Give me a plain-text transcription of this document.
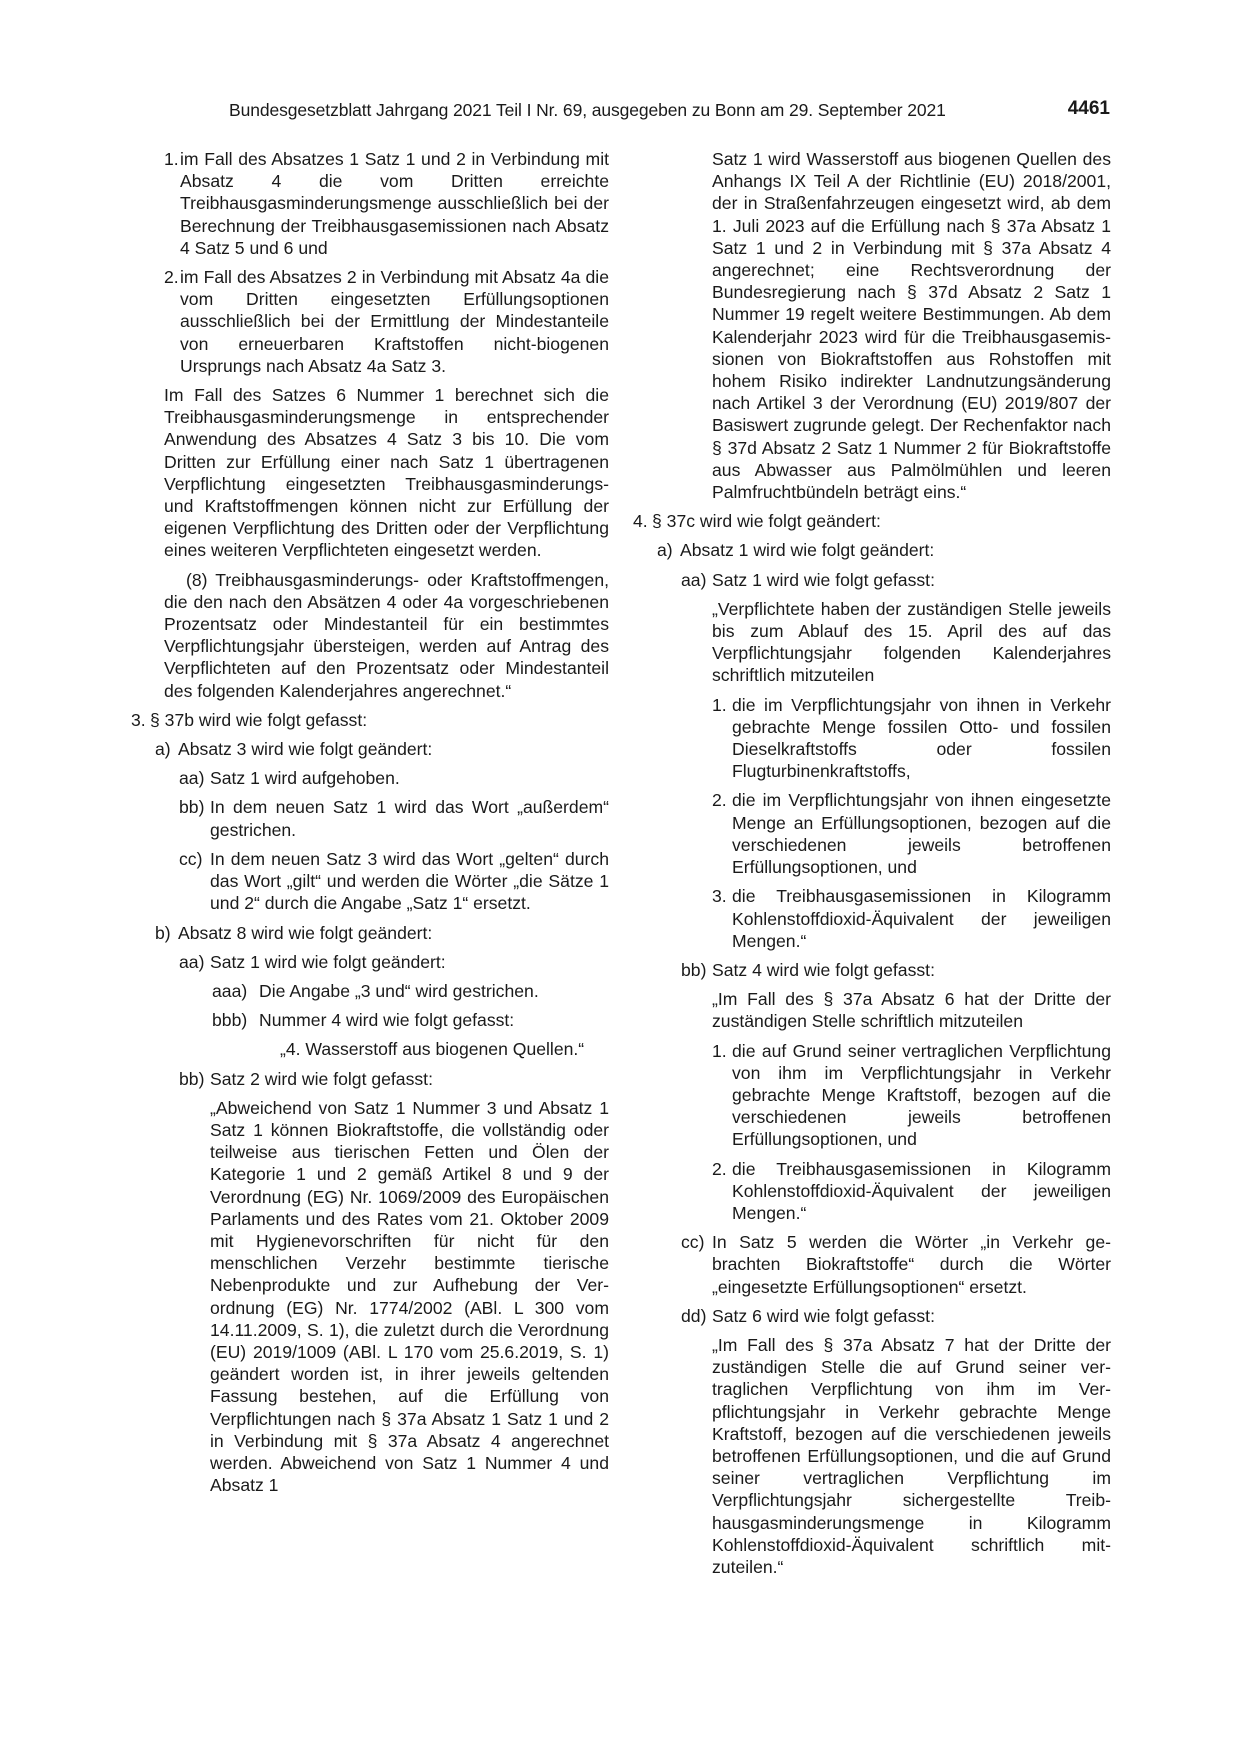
Bundesgesetzblatt Jahrgang 2021 Teil I Nr. 69, ausgegeben zu Bonn am 29. September 2021	4461
1. im Fall des Absatzes 1 Satz 1 und 2 in Verbindung mit Absatz 4 die vom Dritten erreichte Treibhausgasminderungsmenge ausschließlich bei der Berechnung der Treibhausgasemissionen nach Absatz 4 Satz 5 und 6 und
2. im Fall des Absatzes 2 in Verbindung mit Absatz 4a die vom Dritten eingesetzten Erfüllungsoptionen ausschließlich bei der Ermittlung der Mindestanteile von erneuerbaren Kraftstoffen nicht-biogenen Ursprungs nach Absatz 4a Satz 3.
Im Fall des Satzes 6 Nummer 1 berechnet sich die Treibhausgasminderungsmenge in entsprechender Anwendung des Absatzes 4 Satz 3 bis 10. Die vom Dritten zur Erfüllung einer nach Satz 1 übertragenen Verpflichtung eingesetzten Treibhausgasminderungs- und Kraftstoffmengen können nicht zur Erfüllung der eigenen Verpflichtung des Dritten oder der Verpflichtung eines weiteren Verpflichteten eingesetzt werden.
(8) Treibhausgasminderungs- oder Kraftstoffmengen, die den nach den Absätzen 4 oder 4a vorgeschriebenen Prozentsatz oder Mindestanteil für ein bestimmtes Verpflichtungsjahr übersteigen, werden auf Antrag des Verpflichteten auf den Prozentsatz oder Mindestanteil des folgenden Kalenderjahres angerechnet.“
3. § 37b wird wie folgt gefasst:
a) Absatz 3 wird wie folgt geändert:
aa) Satz 1 wird aufgehoben.
bb) In dem neuen Satz 1 wird das Wort „außerdem“ gestrichen.
cc) In dem neuen Satz 3 wird das Wort „gelten“ durch das Wort „gilt“ und werden die Wörter „die Sätze 1 und 2“ durch die Angabe „Satz 1“ ersetzt.
b) Absatz 8 wird wie folgt geändert:
aa) Satz 1 wird wie folgt geändert:
aaa) Die Angabe „3 und“ wird gestrichen.
bbb) Nummer 4 wird wie folgt gefasst:
„4. Wasserstoff aus biogenen Quellen.“
bb) Satz 2 wird wie folgt gefasst:
„Abweichend von Satz 1 Nummer 3 und Absatz 1 Satz 1 können Biokraftstoffe, die vollständig oder teilweise aus tierischen Fetten und Ölen der Kategorie 1 und 2 gemäß Artikel 8 und 9 der Verordnung (EG) Nr. 1069/2009 des Europäischen Parlaments und des Rates vom 21. Oktober 2009 mit Hygienevorschriften für nicht für den menschlichen Verzehr bestimmte tierische Nebenprodukte und zur Aufhebung der Verordnung (EG) Nr. 1774/2002 (ABl. L 300 vom 14.11.2009, S. 1), die zuletzt durch die Verordnung (EU) 2019/1009 (ABl. L 170 vom 25.6.2019, S. 1) geändert worden ist, in ihrer jeweils geltenden Fassung bestehen, auf die Erfüllung von Verpflichtungen nach § 37a Absatz 1 Satz 1 und 2 in Verbindung mit § 37a Absatz 4 angerechnet werden. Abweichend von Satz 1 Nummer 4 und Absatz 1
Satz 1 wird Wasserstoff aus biogenen Quellen des Anhangs IX Teil A der Richtlinie (EU) 2018/2001, der in Straßenfahrzeugen eingesetzt wird, ab dem 1. Juli 2023 auf die Erfüllung nach § 37a Absatz 1 Satz 1 und 2 in Verbindung mit § 37a Absatz 4 angerechnet; eine Rechtsverordnung der Bundesregierung nach § 37d Absatz 2 Satz 1 Nummer 19 regelt weitere Bestimmungen. Ab dem Kalenderjahr 2023 wird für die Treibhausgasemissionen von Biokraftstoffen aus Rohstoffen mit hohem Risiko indirekter Landnutzungsänderung nach Artikel 3 der Verordnung (EU) 2019/807 der Basiswert zugrunde gelegt. Der Rechenfaktor nach § 37d Absatz 2 Satz 1 Nummer 2 für Biokraftstoffe aus Abwasser aus Palmölmühlen und leeren Palmfruchtbündeln beträgt eins.“
4. § 37c wird wie folgt geändert:
a) Absatz 1 wird wie folgt geändert:
aa) Satz 1 wird wie folgt gefasst:
„Verpflichtete haben der zuständigen Stelle jeweils bis zum Ablauf des 15. April des auf das Verpflichtungsjahr folgenden Kalenderjahres schriftlich mitzuteilen
1. die im Verpflichtungsjahr von ihnen in Verkehr gebrachte Menge fossilen Otto- und fossilen Dieselkraftstoffs oder fossilen Flugturbinenkraftstoffs,
2. die im Verpflichtungsjahr von ihnen eingesetzte Menge an Erfüllungsoptionen, bezogen auf die verschiedenen jeweils betroffenen Erfüllungsoptionen, und
3. die Treibhausgasemissionen in Kilogramm Kohlenstoffdioxid-Äquivalent der jeweiligen Mengen.“
bb) Satz 4 wird wie folgt gefasst:
„Im Fall des § 37a Absatz 6 hat der Dritte der zuständigen Stelle schriftlich mitzuteilen
1. die auf Grund seiner vertraglichen Verpflichtung von ihm im Verpflichtungsjahr in Verkehr gebrachte Menge Kraftstoff, bezogen auf die verschiedenen jeweils betroffenen Erfüllungsoptionen, und
2. die Treibhausgasemissionen in Kilogramm Kohlenstoffdioxid-Äquivalent der jeweiligen Mengen.“
cc) In Satz 5 werden die Wörter „in Verkehr gebrachten Biokraftstoffe“ durch die Wörter „eingesetzte Erfüllungsoptionen“ ersetzt.
dd) Satz 6 wird wie folgt gefasst:
„Im Fall des § 37a Absatz 7 hat der Dritte der zuständigen Stelle die auf Grund seiner vertraglichen Verpflichtung von ihm im Verpflichtungsjahr in Verkehr gebrachte Menge Kraftstoff, bezogen auf die verschiedenen jeweils betroffenen Erfüllungsoptionen, und die auf Grund seiner vertraglichen Verpflichtung im Verpflichtungsjahr sichergestellte Treibhausgasminderungsmenge in Kilogramm Kohlenstoffdioxid-Äquivalent schriftlich mitzuteilen.“
